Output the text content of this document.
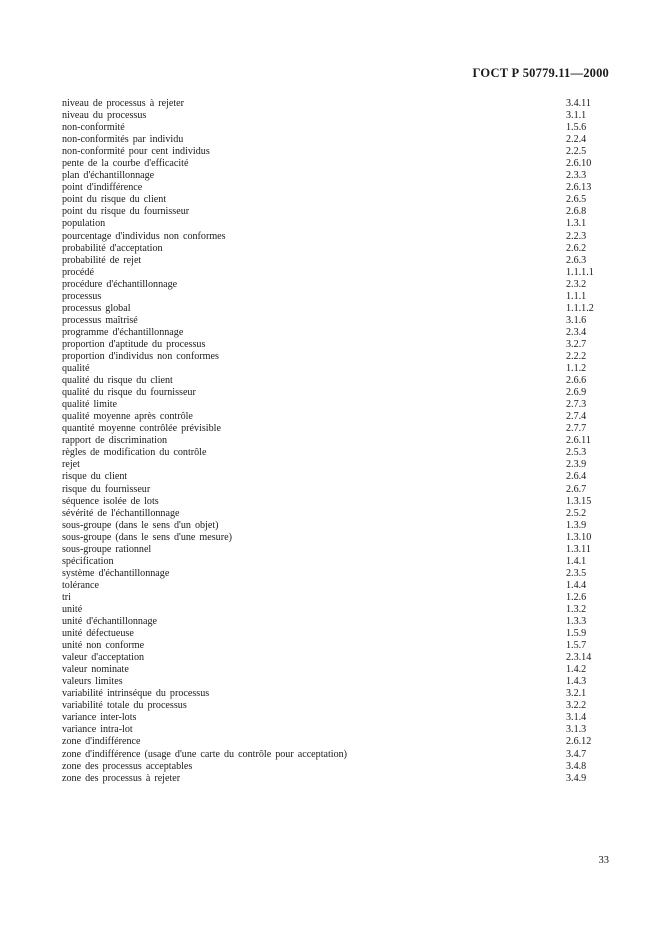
ГОСТ Р 50779.11—2000
niveau de processus à rejeter	3.4.11
niveau du processus	3.1.1
non-conformité	1.5.6
non-conformités par individu	2.2.4
non-conformité pour cent individus	2.2.5
pente de la courbe d'efficacité	2.6.10
plan d'échantillonnage	2.3.3
point d'indifférence	2.6.13
point du risque du client	2.6.5
point du risque du fournisseur	2.6.8
population	1.3.1
pourcentage d'individus non conformes	2.2.3
probabilité d'acceptation	2.6.2
probabilité de rejet	2.6.3
procédé	1.1.1.1
procédure d'échantillonnage	2.3.2
processus	1.1.1
processus global	1.1.1.2
processus maîtrisé	3.1.6
programme d'échantillonnage	2.3.4
proportion d'aptitude du processus	3.2.7
proportion d'individus non conformes	2.2.2
qualité	1.1.2
qualité du risque du client	2.6.6
qualité du risque du fournisseur	2.6.9
qualité limite	2.7.3
qualité moyenne après contrôle	2.7.4
quantité moyenne contrôlée prévisible	2.7.7
rapport de discrimination	2.6.11
règles de modification du contrôle	2.5.3
rejet	2.3.9
risque du client	2.6.4
risque du fournisseur	2.6.7
séquence isolée de lots	1.3.15
sévérité de l'échantillonnage	2.5.2
sous-groupe (dans le sens d'un objet)	1.3.9
sous-groupe (dans le sens d'une mesure)	1.3.10
sous-groupe rationnel	1.3.11
spécification	1.4.1
système d'échantillonnage	2.3.5
tolérance	1.4.4
tri	1.2.6
unité	1.3.2
unité d'échantillonnage	1.3.3
unité défectueuse	1.5.9
unité non conforme	1.5.7
valeur d'acceptation	2.3.14
valeur nominate	1.4.2
valeurs limites	1.4.3
variabilité intrinséque du processus	3.2.1
variabilité totale du processus	3.2.2
variance inter-lots	3.1.4
variance intra-lot	3.1.3
zone d'indifférence	2.6.12
zone d'indifférence (usage d'une carte du contrôle pour acceptation)	3.4.7
zone des processus acceptables	3.4.8
zone des processus à rejeter	3.4.9
33
